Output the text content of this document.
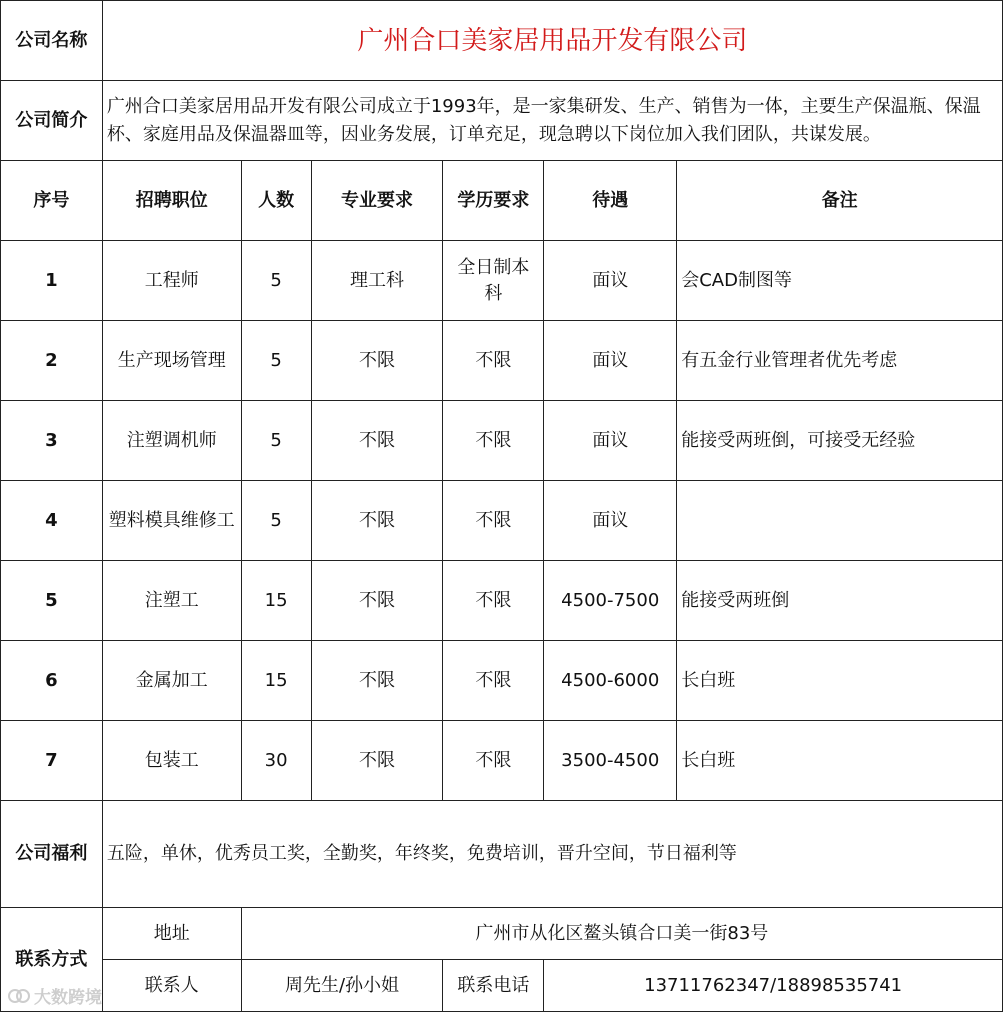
公司名称	广州合口美家居用品开发有限公司					
公司简介	广州合口美家居用品开发有限公司成立于1993年，是一家集研发、生产、销售为一体，主要生产保温瓶、保温杯、家庭用品及保温器皿等，因业务发展，订单充足，现急聘以下岗位加入我们团队，共谋发展。					
序号	招聘职位	人数	专业要求	学历要求	待遇	备注
1	工程师	5	理工科	全日制本科	面议	会CAD制图等
2	生产现场管理	5	不限	不限	面议	有五金行业管理者优先考虑
3	注塑调机师	5	不限	不限	面议	能接受两班倒，可接受无经验
4	塑料模具维修工	5	不限	不限	面议	
5	注塑工	15	不限	不限	4500-7500	能接受两班倒
6	金属加工	15	不限	不限	4500-6000	长白班
7	包装工	30	不限	不限	3500-4500	长白班
公司福利	五险，单休，优秀员工奖，全勤奖，年终奖，免费培训，晋升空间，节日福利等					
联系方式	地址	广州市从化区鳌头镇合口美一街83号				
	联系人	周先生/孙小姐		联系电话	13711762347/18898535741	
大数跨境
